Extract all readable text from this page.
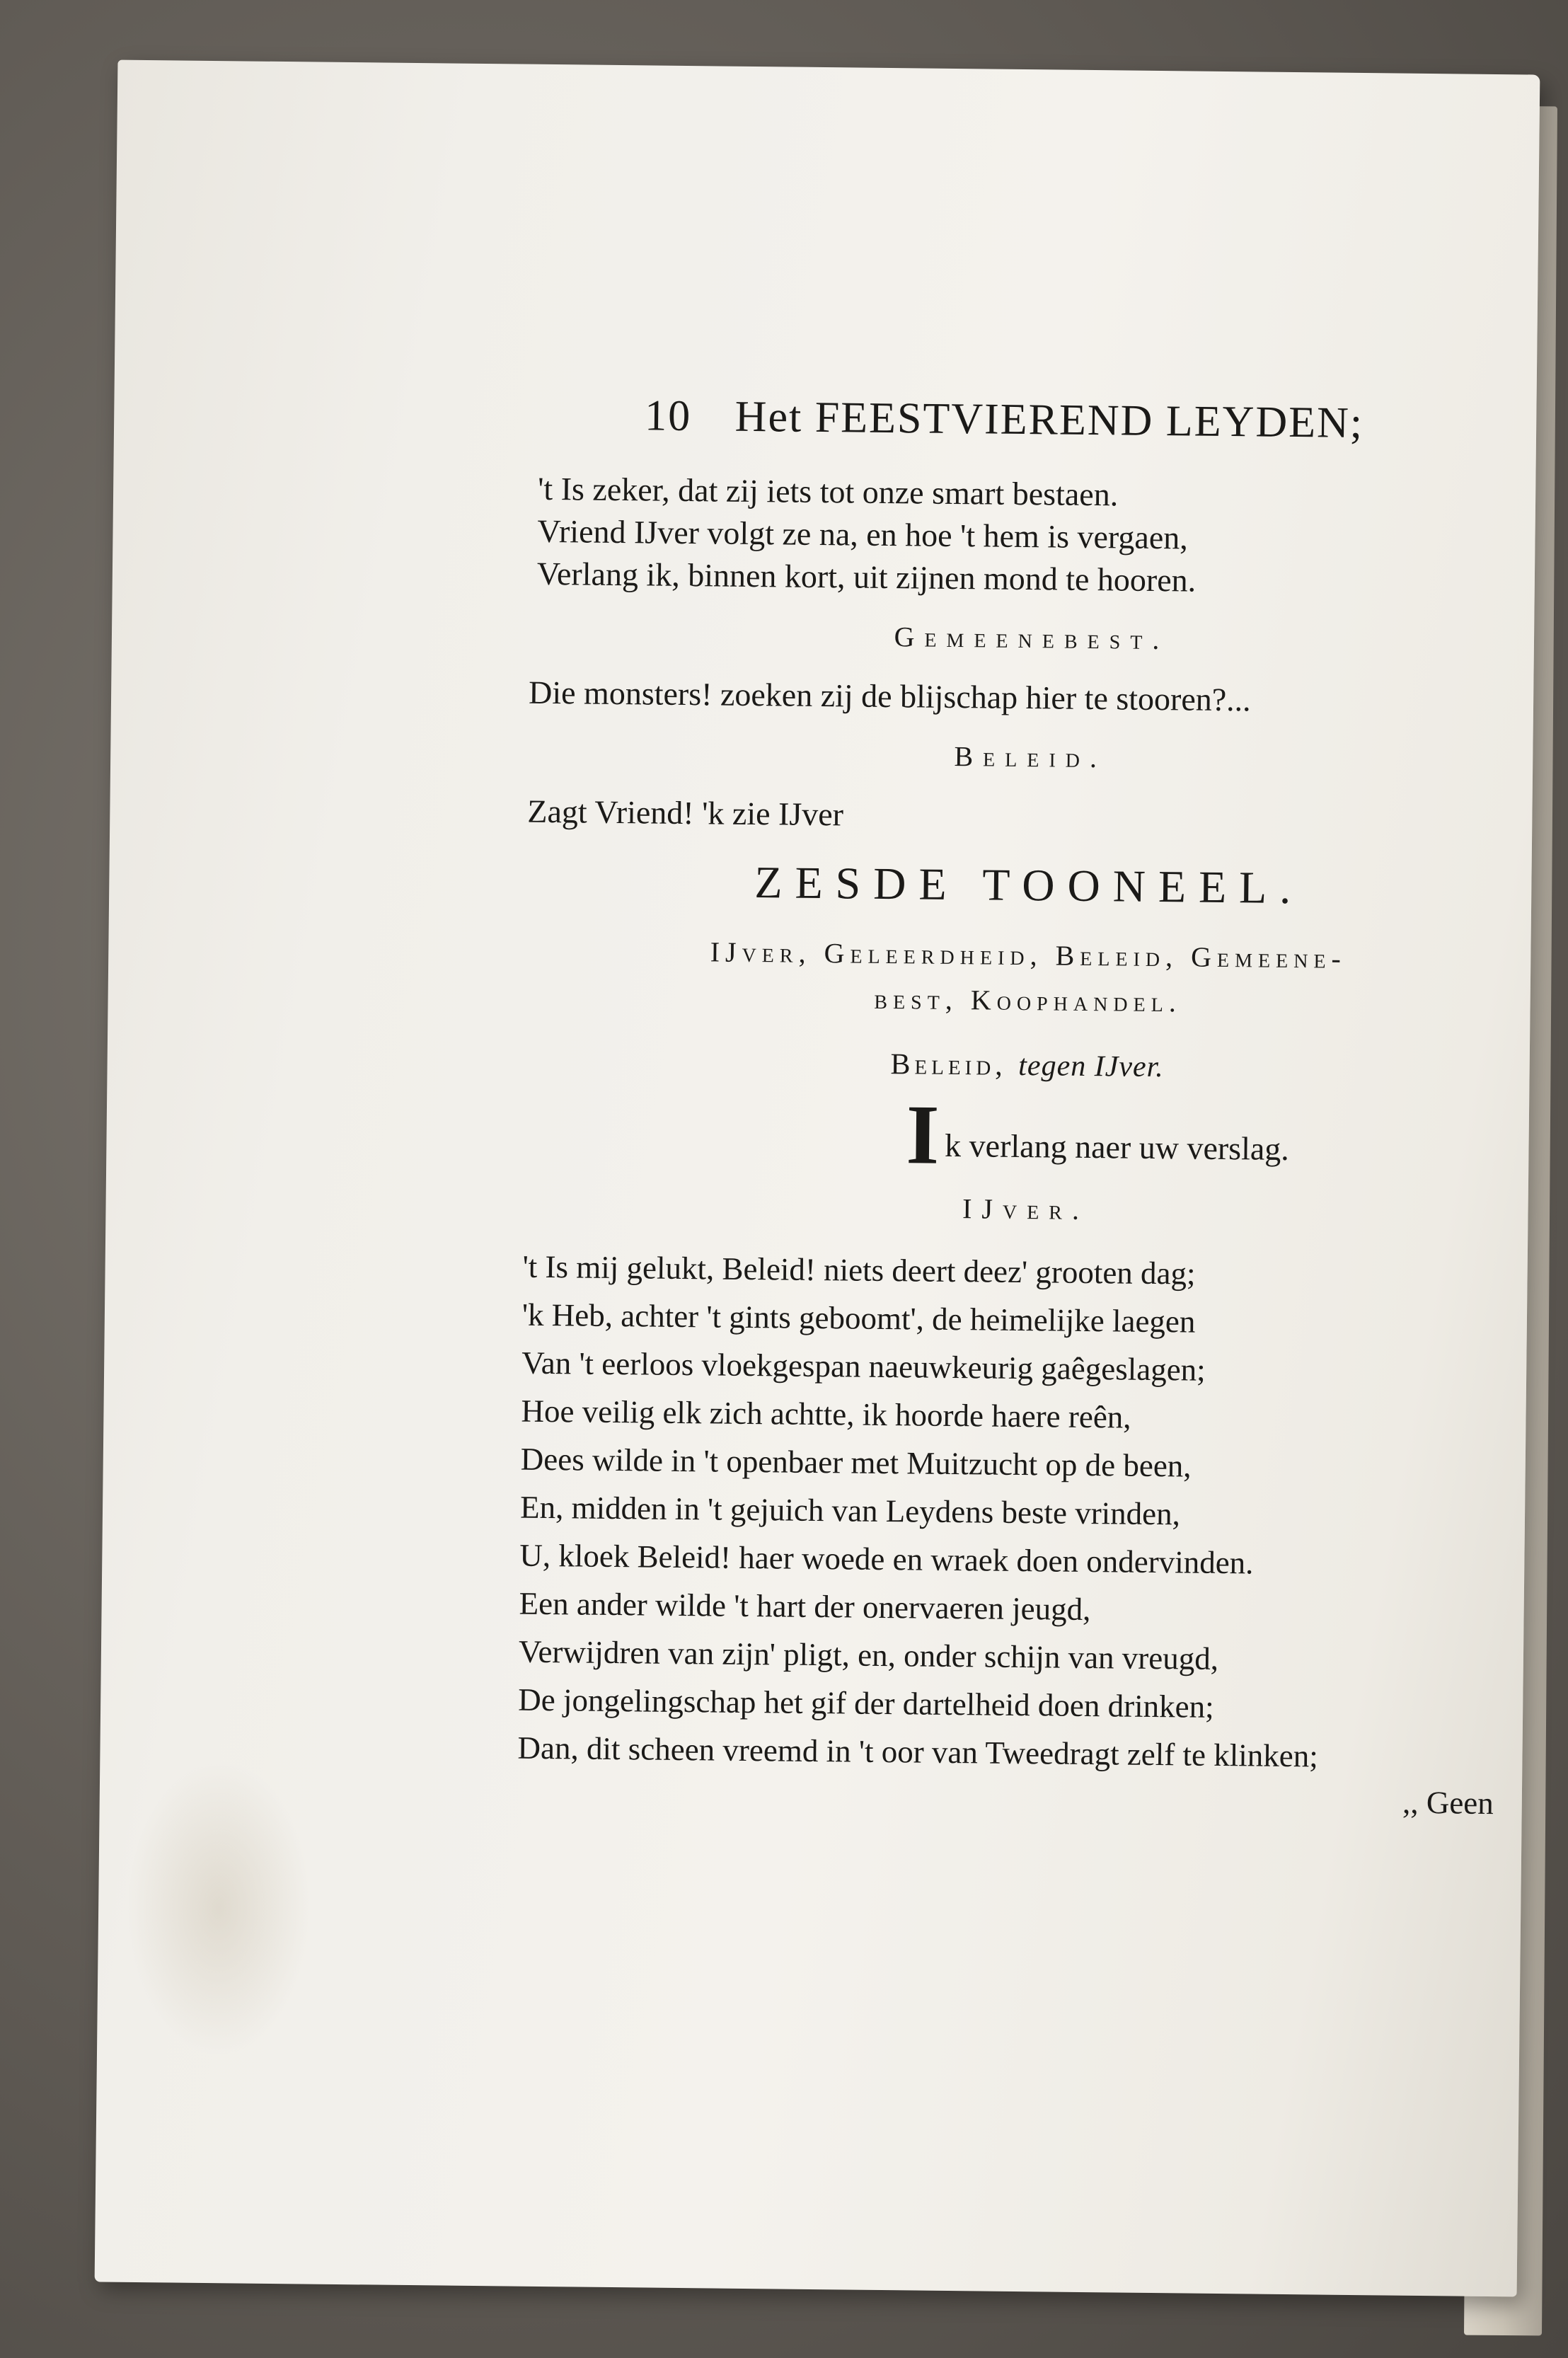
10 Het FEESTVIEREND LEYDEN;
't Is zeker, dat zij iets tot onze smart bestaen.
Vriend IJver volgt ze na, en hoe 't hem is vergaen,
Verlang ik, binnen kort, uit zijnen mond te hooren.
Gemeenebest.
Die monsters! zoeken zij de blijschap hier te stooren?...
Beleid.
Zagt Vriend! 'k zie IJver
ZESDE TOONEEL.
IJver, Geleerdheid, Beleid, Gemeene-
best, Koophandel.
Beleid, tegen IJver.
Ik verlang naer uw verslag.
IJver.
't Is mij gelukt, Beleid! niets deert deez' grooten dag;
'k Heb, achter 't gints geboomt', de heimelijke laegen
Van 't eerloos vloekgespan naeuwkeurig gaêgeslagen;
Hoe veilig elk zich achtte, ik hoorde haere reên,
Dees wilde in 't openbaer met Muitzucht op de been,
En, midden in 't gejuich van Leydens beste vrinden,
U, kloek Beleid! haer woede en wraek doen ondervinden.
Een ander wilde 't hart der onervaeren jeugd,
Verwijdren van zijn' pligt, en, onder schijn van vreugd,
De jongelingschap het gif der dartelheid doen drinken;
Dan, dit scheen vreemd in 't oor van Tweedragt zelf te klinken;
,, Geen
